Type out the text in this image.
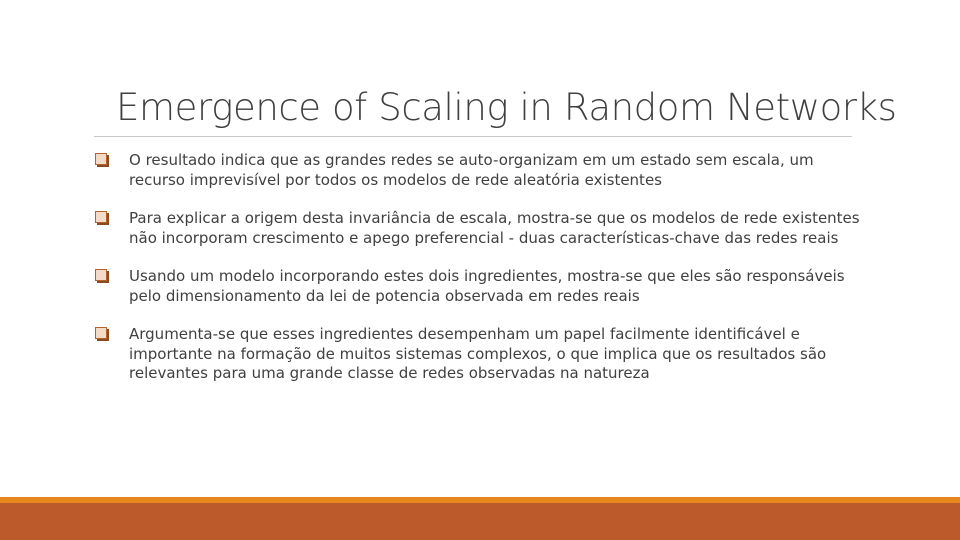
Emergence of Scaling in Random Networks
O resultado indica que as grandes redes se auto-organizam em um estado sem escala, um recurso imprevisível por todos os modelos de rede aleatória existentes
Para explicar a origem desta invariância de escala, mostra-se que os modelos de rede existentes não incorporam crescimento e apego preferencial - duas características-chave das redes reais
Usando um modelo incorporando estes dois ingredientes, mostra-se que eles são responsáveis pelo dimensionamento da lei de potencia observada em redes reais
Argumenta-se que esses ingredientes desempenham um papel facilmente identificável e importante na formação de muitos sistemas complexos, o que implica que os resultados são relevantes para uma grande classe de redes observadas na natureza
